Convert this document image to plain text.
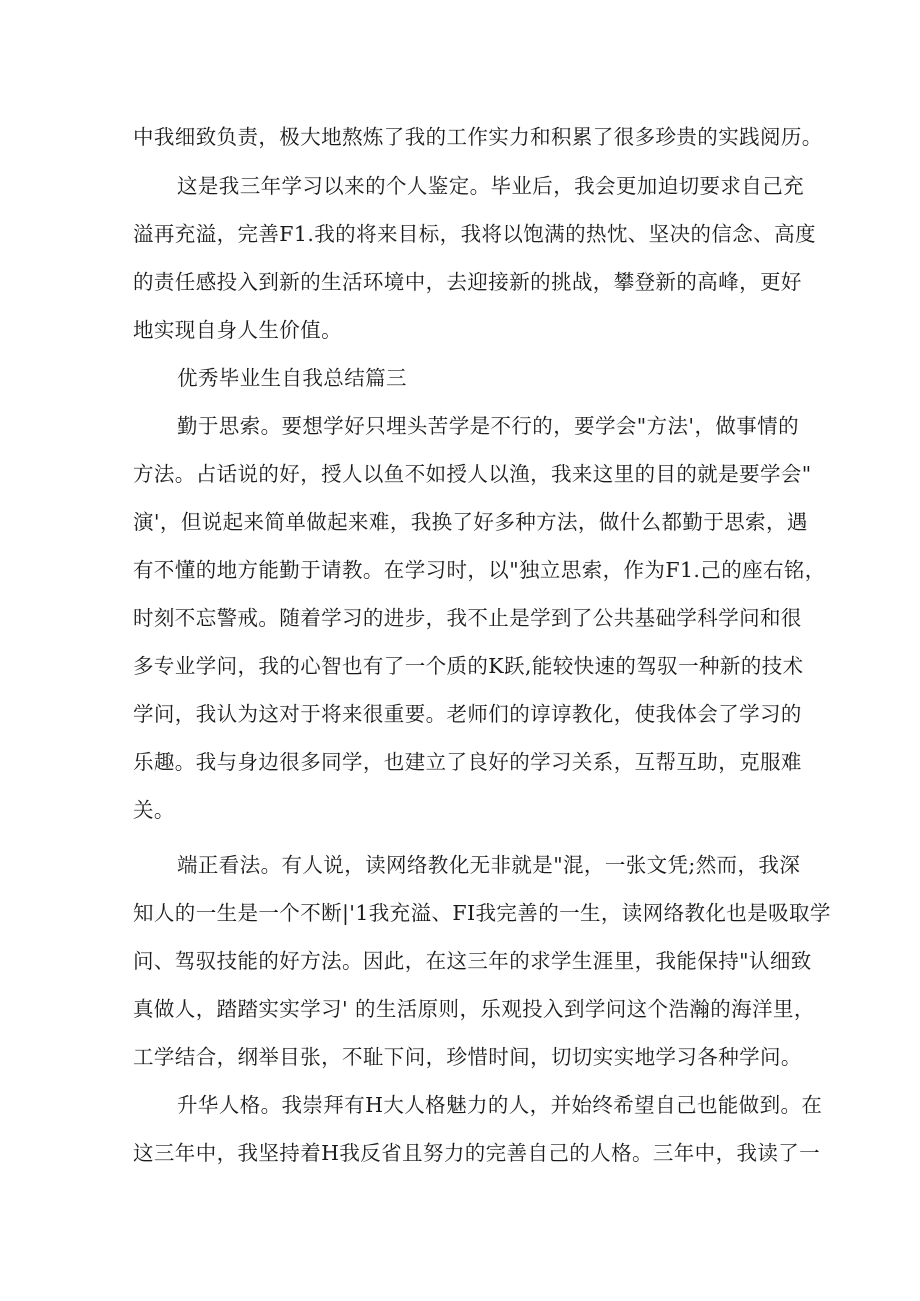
中我细致负责，极大地熬炼了我的工作实力和积累了很多珍贵的实践阅历。
这是我三年学习以来的个人鉴定。毕业后，我会更加迫切要求自己充
溢再充溢，完善F1.我的将来目标，我将以饱满的热忱、坚决的信念、高度
的责任感投入到新的生活环境中，去迎接新的挑战，攀登新的高峰，更好
地实现自身人生价值。
优秀毕业生自我总结篇三
勤于思索。要想学好只埋头苦学是不行的，要学会"方法'，做事情的
方法。占话说的好，授人以鱼不如授人以渔，我来这里的目的就是要学会"
演'，但说起来简单做起来难，我换了好多种方法，做什么都勤于思索，遇
有不懂的地方能勤于请教。在学习时，以"独立思索，作为F1.己的座右铭，
时刻不忘警戒。随着学习的进步，我不止是学到了公共基础学科学问和很
多专业学问，我的心智也有了一个质的K跃,能较快速的驾驭一种新的技术
学问，我认为这对于将来很重要。老师们的谆谆教化，使我体会了学习的
乐趣。我与身边很多同学，也建立了良好的学习关系，互帮互助，克服难
关。
端正看法。有人说，读网络教化无非就是"混，一张文凭;然而，我深
知人的一生是一个不断|'1我充溢、FI我完善的一生，读网络教化也是吸取学
问、驾驭技能的好方法。因此，在这三年的求学生涯里，我能保持"认细致
真做人，踏踏实实学习' 的生活原则，乐观投入到学问这个浩瀚的海洋里，
工学结合，纲举目张，不耻下问，珍惜时间，切切实实地学习各种学问。
升华人格。我崇拜有H大人格魅力的人，并始终希望自己也能做到。在
这三年中，我坚持着H我反省且努力的完善自己的人格。三年中，我读了一
